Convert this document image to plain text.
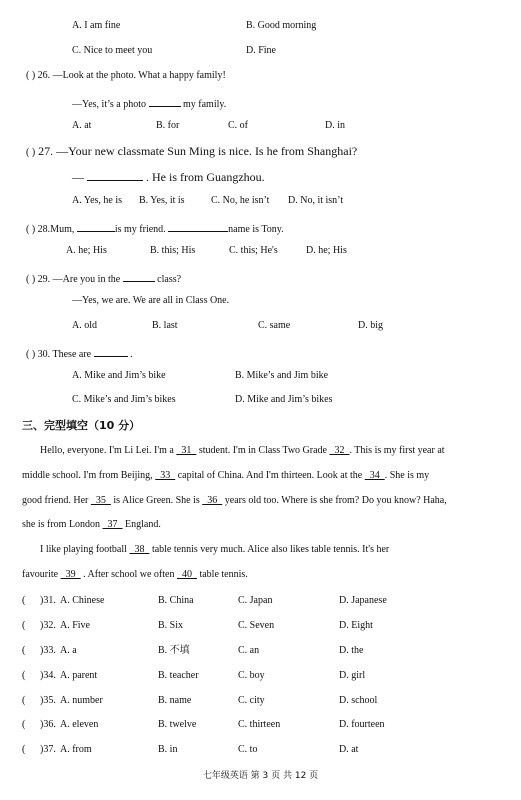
A. I am fine	B. Good morning
C. Nice to meet you	D. Fine
( ) 26. —Look at the photo. What a happy family!
—Yes, it’s a photo	my family.
A. at	B. for	C. of	D. in
( ) 27. —Your new classmate Sun Ming is nice. Is he from Shanghai?
—	. He is from Guangzhou.
A. Yes, he is B. Yes, it is	C. No, he isn’t D. No, it isn’t
( ) 28.Mum,	is my friend.	name is Tony.
A. he; His	B. this; His	C. this; He's	D. he; His
( ) 29. —Are you in the	class?
—Yes, we are. We are all in Class One.
A. old	B. last	C. same	D. big
( ) 30. These are	.
A. Mike and Jim’s bike	B. Mike’s and Jim bike
C. Mike’s and Jim’s bikes	D. Mike and Jim’s bikes
三、完型填空（10 分）
Hello, everyone. I'm Li Lei. I'm a   31   student. I'm in Class Two Grade   32  . This is my first year at
middle school. I'm from Beijing,   33   capital of China. And I'm thirteen. Look at the   34  . She is my
good friend. Her   35   is Alice Green. She is   36   years old too. Where is she from? Do you know? Haha,
she is from London   37   England.
I like playing football   38   table tennis very much. Alice also likes table tennis. It's her
favourite   39   . After school we often   40   table tennis.
( )31. A. Chinese	B. China	C. Japan	D. Japanese
( )32. A. Five	B. Six	C. Seven	D. Eight
( )33. A. a	B. 不填	C. an	D. the
( )34. A. parent	B. teacher	C. boy	D. girl
( )35. A. number	B. name	C. city	D. school
( )36. A. eleven	B. twelve	C. thirteen	D. fourteen
( )37. A. from	B. in	C. to	D. at
七年级英语 第 3 页 共 12 页
